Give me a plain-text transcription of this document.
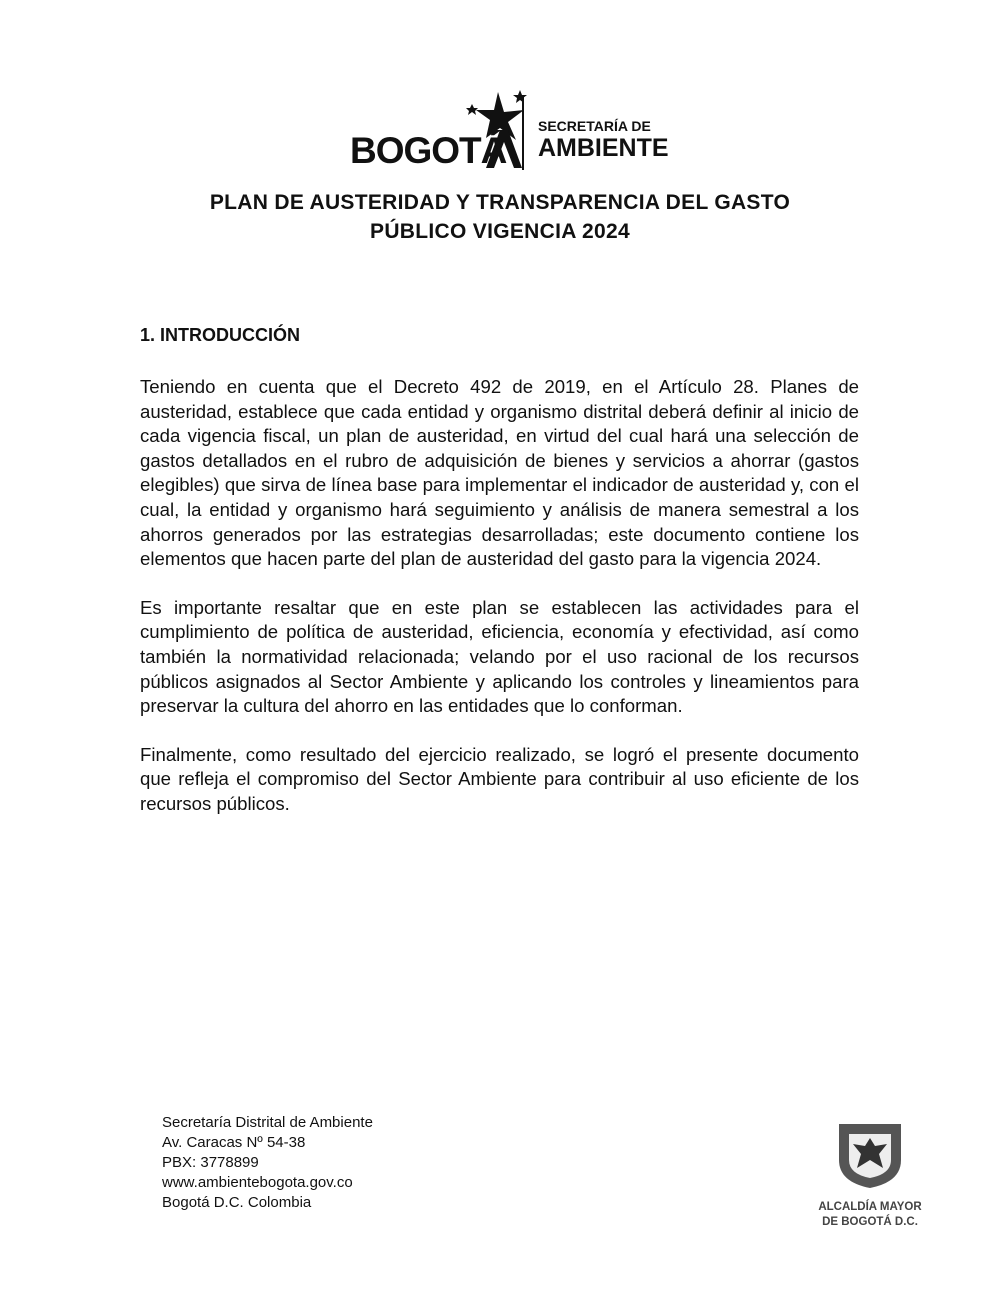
BOGOTÁ
SECRETARÍA DE
AMBIENTE
PLAN DE AUSTERIDAD Y TRANSPARENCIA DEL GASTO
PÚBLICO VIGENCIA 2024
1. INTRODUCCIÓN

Teniendo en cuenta que el Decreto 492 de 2019, en el Artículo 28. Planes de austeridad, establece que cada entidad y organismo distrital deberá definir al inicio de cada vigencia fiscal, un plan de austeridad, en virtud del cual hará una selección de gastos detallados en el rubro de adquisición de bienes y servicios a ahorrar (gastos elegibles) que sirva de línea base para implementar el indicador de austeridad y, con el cual, la entidad y organismo hará seguimiento y análisis de manera semestral a los ahorros generados por las estrategias desarrolladas; este documento contiene los elementos que hacen parte del plan de austeridad del gasto para la vigencia 2024.

Es importante resaltar que en este plan se establecen las actividades para el cumplimiento de política de austeridad, eficiencia, economía y efectividad, así como también la normatividad relacionada; velando por el uso racional de los recursos públicos asignados al Sector Ambiente y aplicando los controles y lineamientos para preservar la cultura del ahorro en las entidades que lo conforman.

Finalmente, como resultado del ejercicio realizado, se logró el presente documento que refleja el compromiso del Sector Ambiente para contribuir al uso eficiente de los recursos públicos.

Secretaría Distrital de Ambiente
Av. Caracas Nº 54-38
PBX: 3778899
www.ambientebogota.gov.co
Bogotá D.C. Colombia	ALCALDÍA MAYOR
DE BOGOTÁ D.C.
